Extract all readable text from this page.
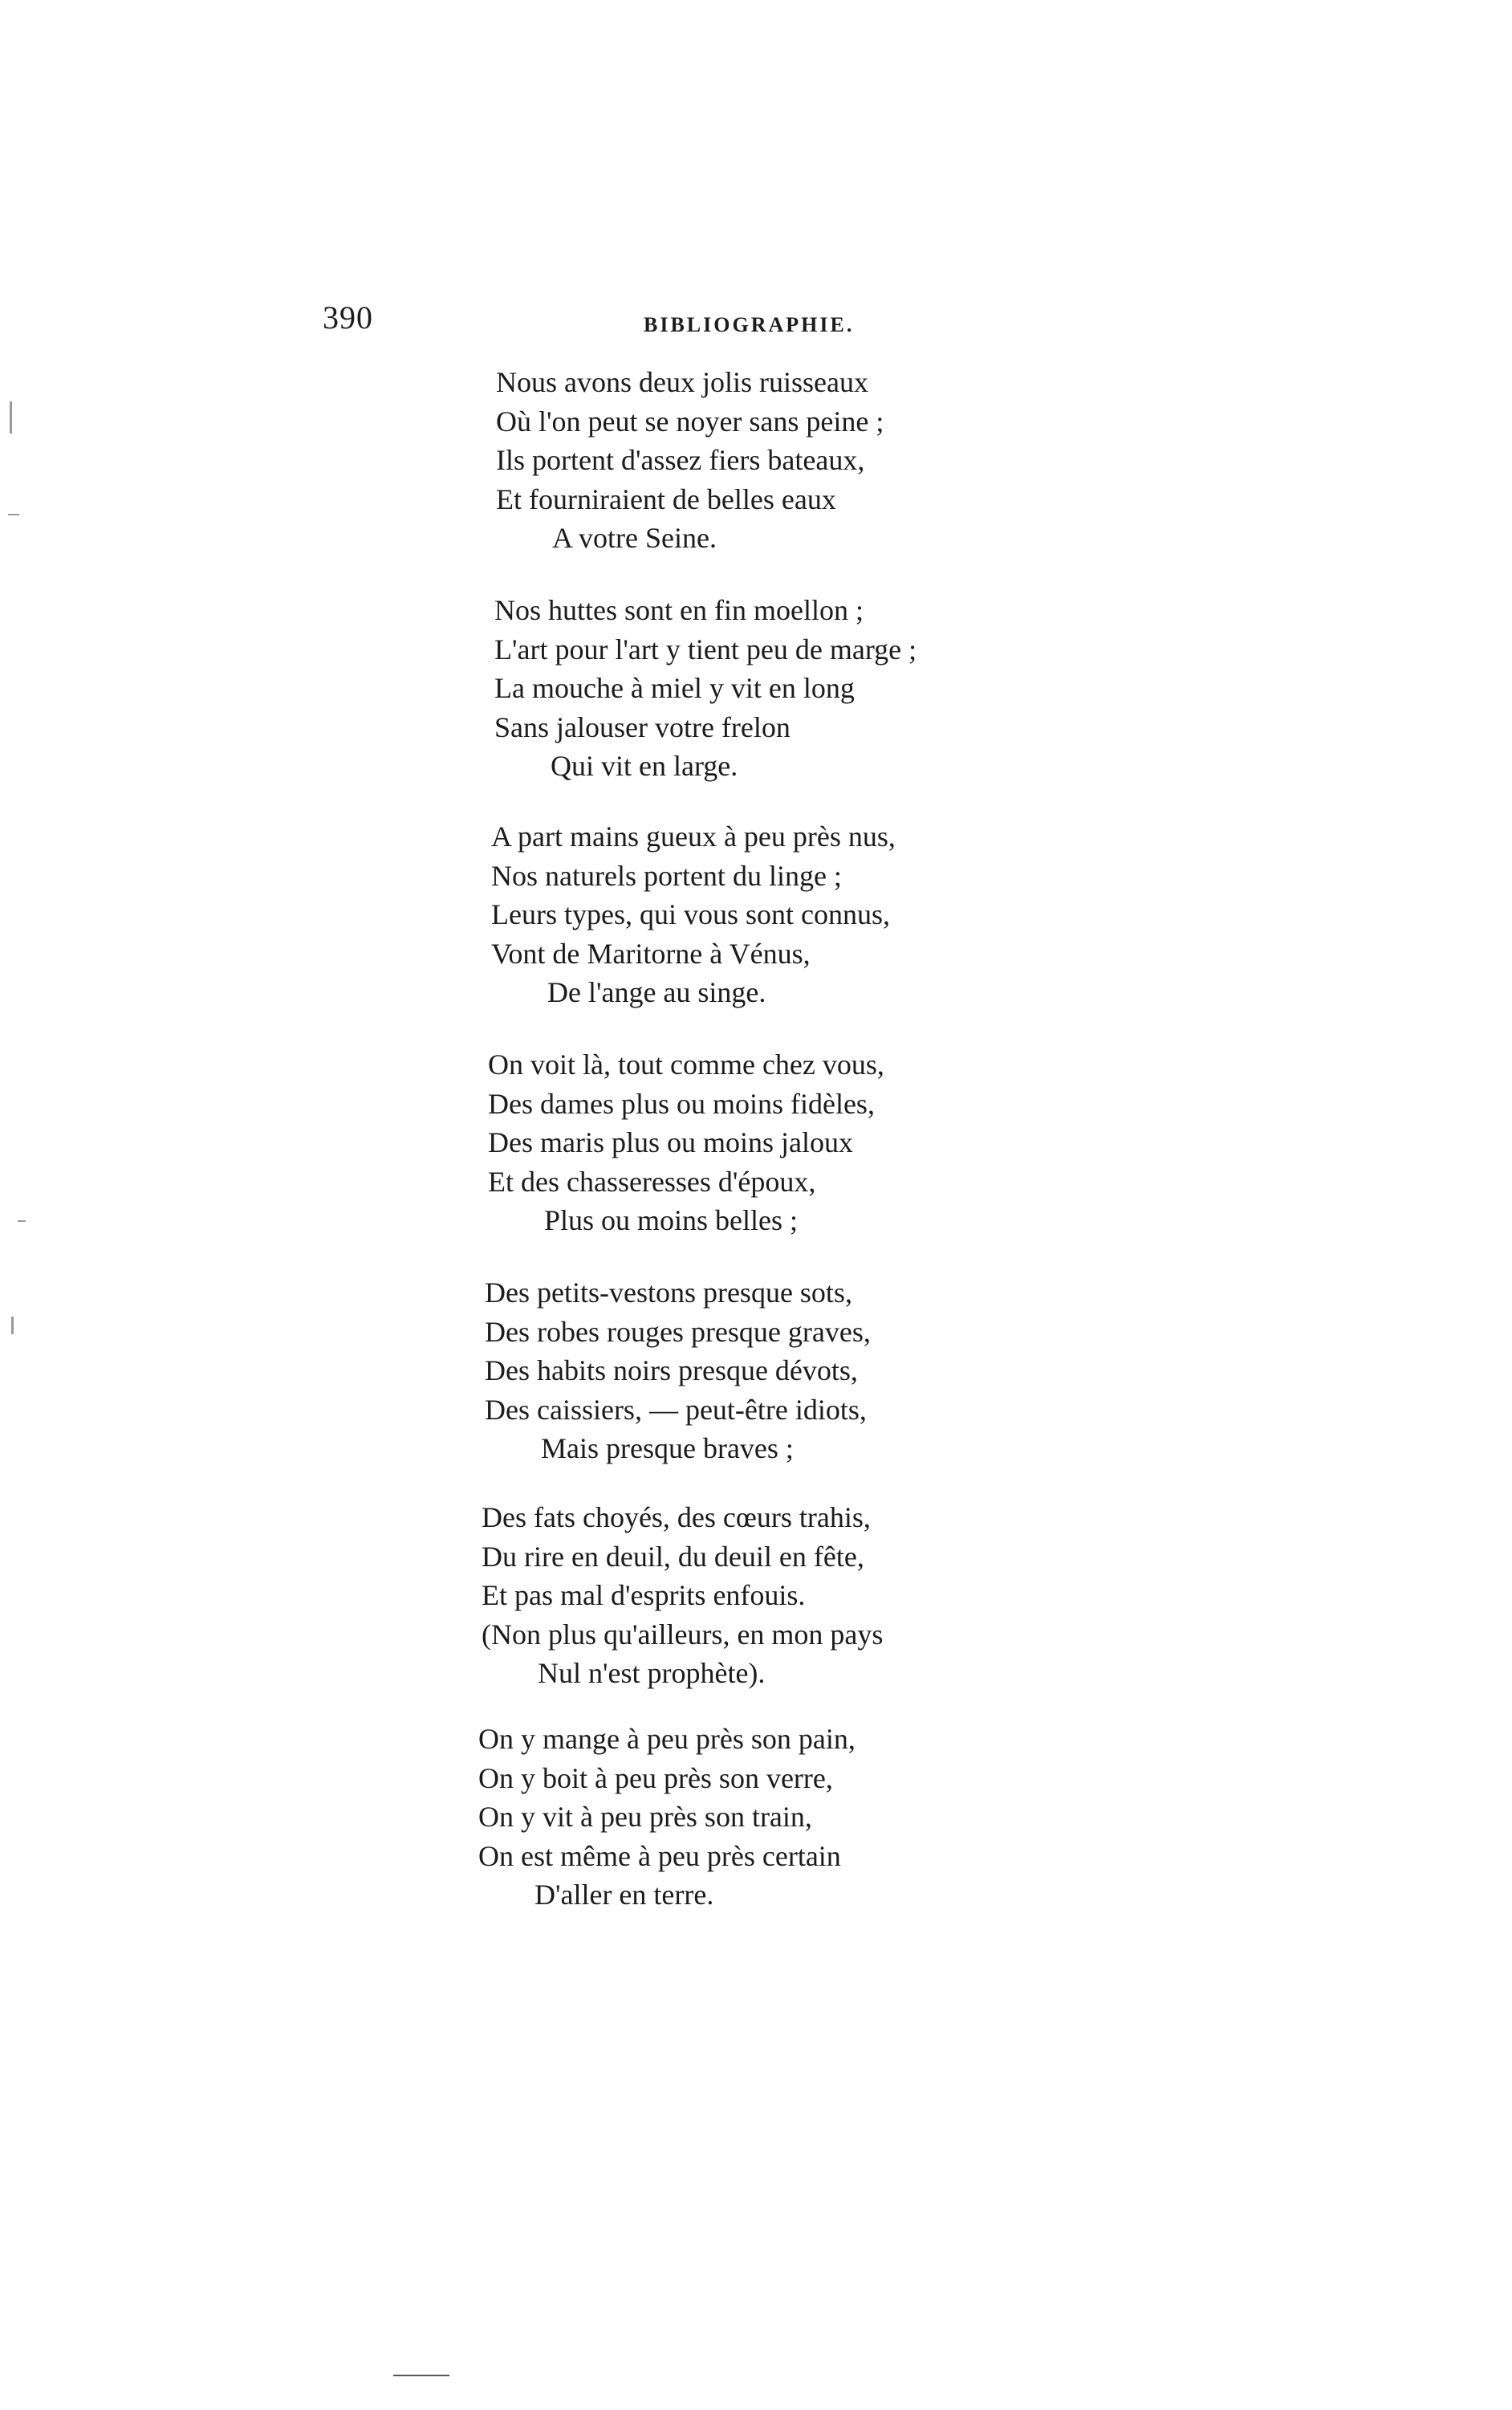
390	BIBLIOGRAPHIE.
Nous avons deux jolis ruisseaux
Où l'on peut se noyer sans peine ;
Ils portent d'assez fiers bateaux,
Et fourniraient de belles eaux
A votre Seine.
Nos huttes sont en fin moellon ;
L'art pour l'art y tient peu de marge ;
La mouche à miel y vit en long
Sans jalouser votre frelon
Qui vit en large.
A part mains gueux à peu près nus,
Nos naturels portent du linge ;
Leurs types, qui vous sont connus,
Vont de Maritorne à Vénus,
De l'ange au singe.
On voit là, tout comme chez vous,
Des dames plus ou moins fidèles,
Des maris plus ou moins jaloux
Et des chasseresses d'époux,
Plus ou moins belles ;
Des petits-vestons presque sots,
Des robes rouges presque graves,
Des habits noirs presque dévots,
Des caissiers, — peut-être idiots,
Mais presque braves ;
Des fats choyés, des cœurs trahis,
Du rire en deuil, du deuil en fête,
Et pas mal d'esprits enfouis.
(Non plus qu'ailleurs, en mon pays
Nul n'est prophète).
On y mange à peu près son pain,
On y boit à peu près son verre,
On y vit à peu près son train,
On est même à peu près certain
D'aller en terre.
